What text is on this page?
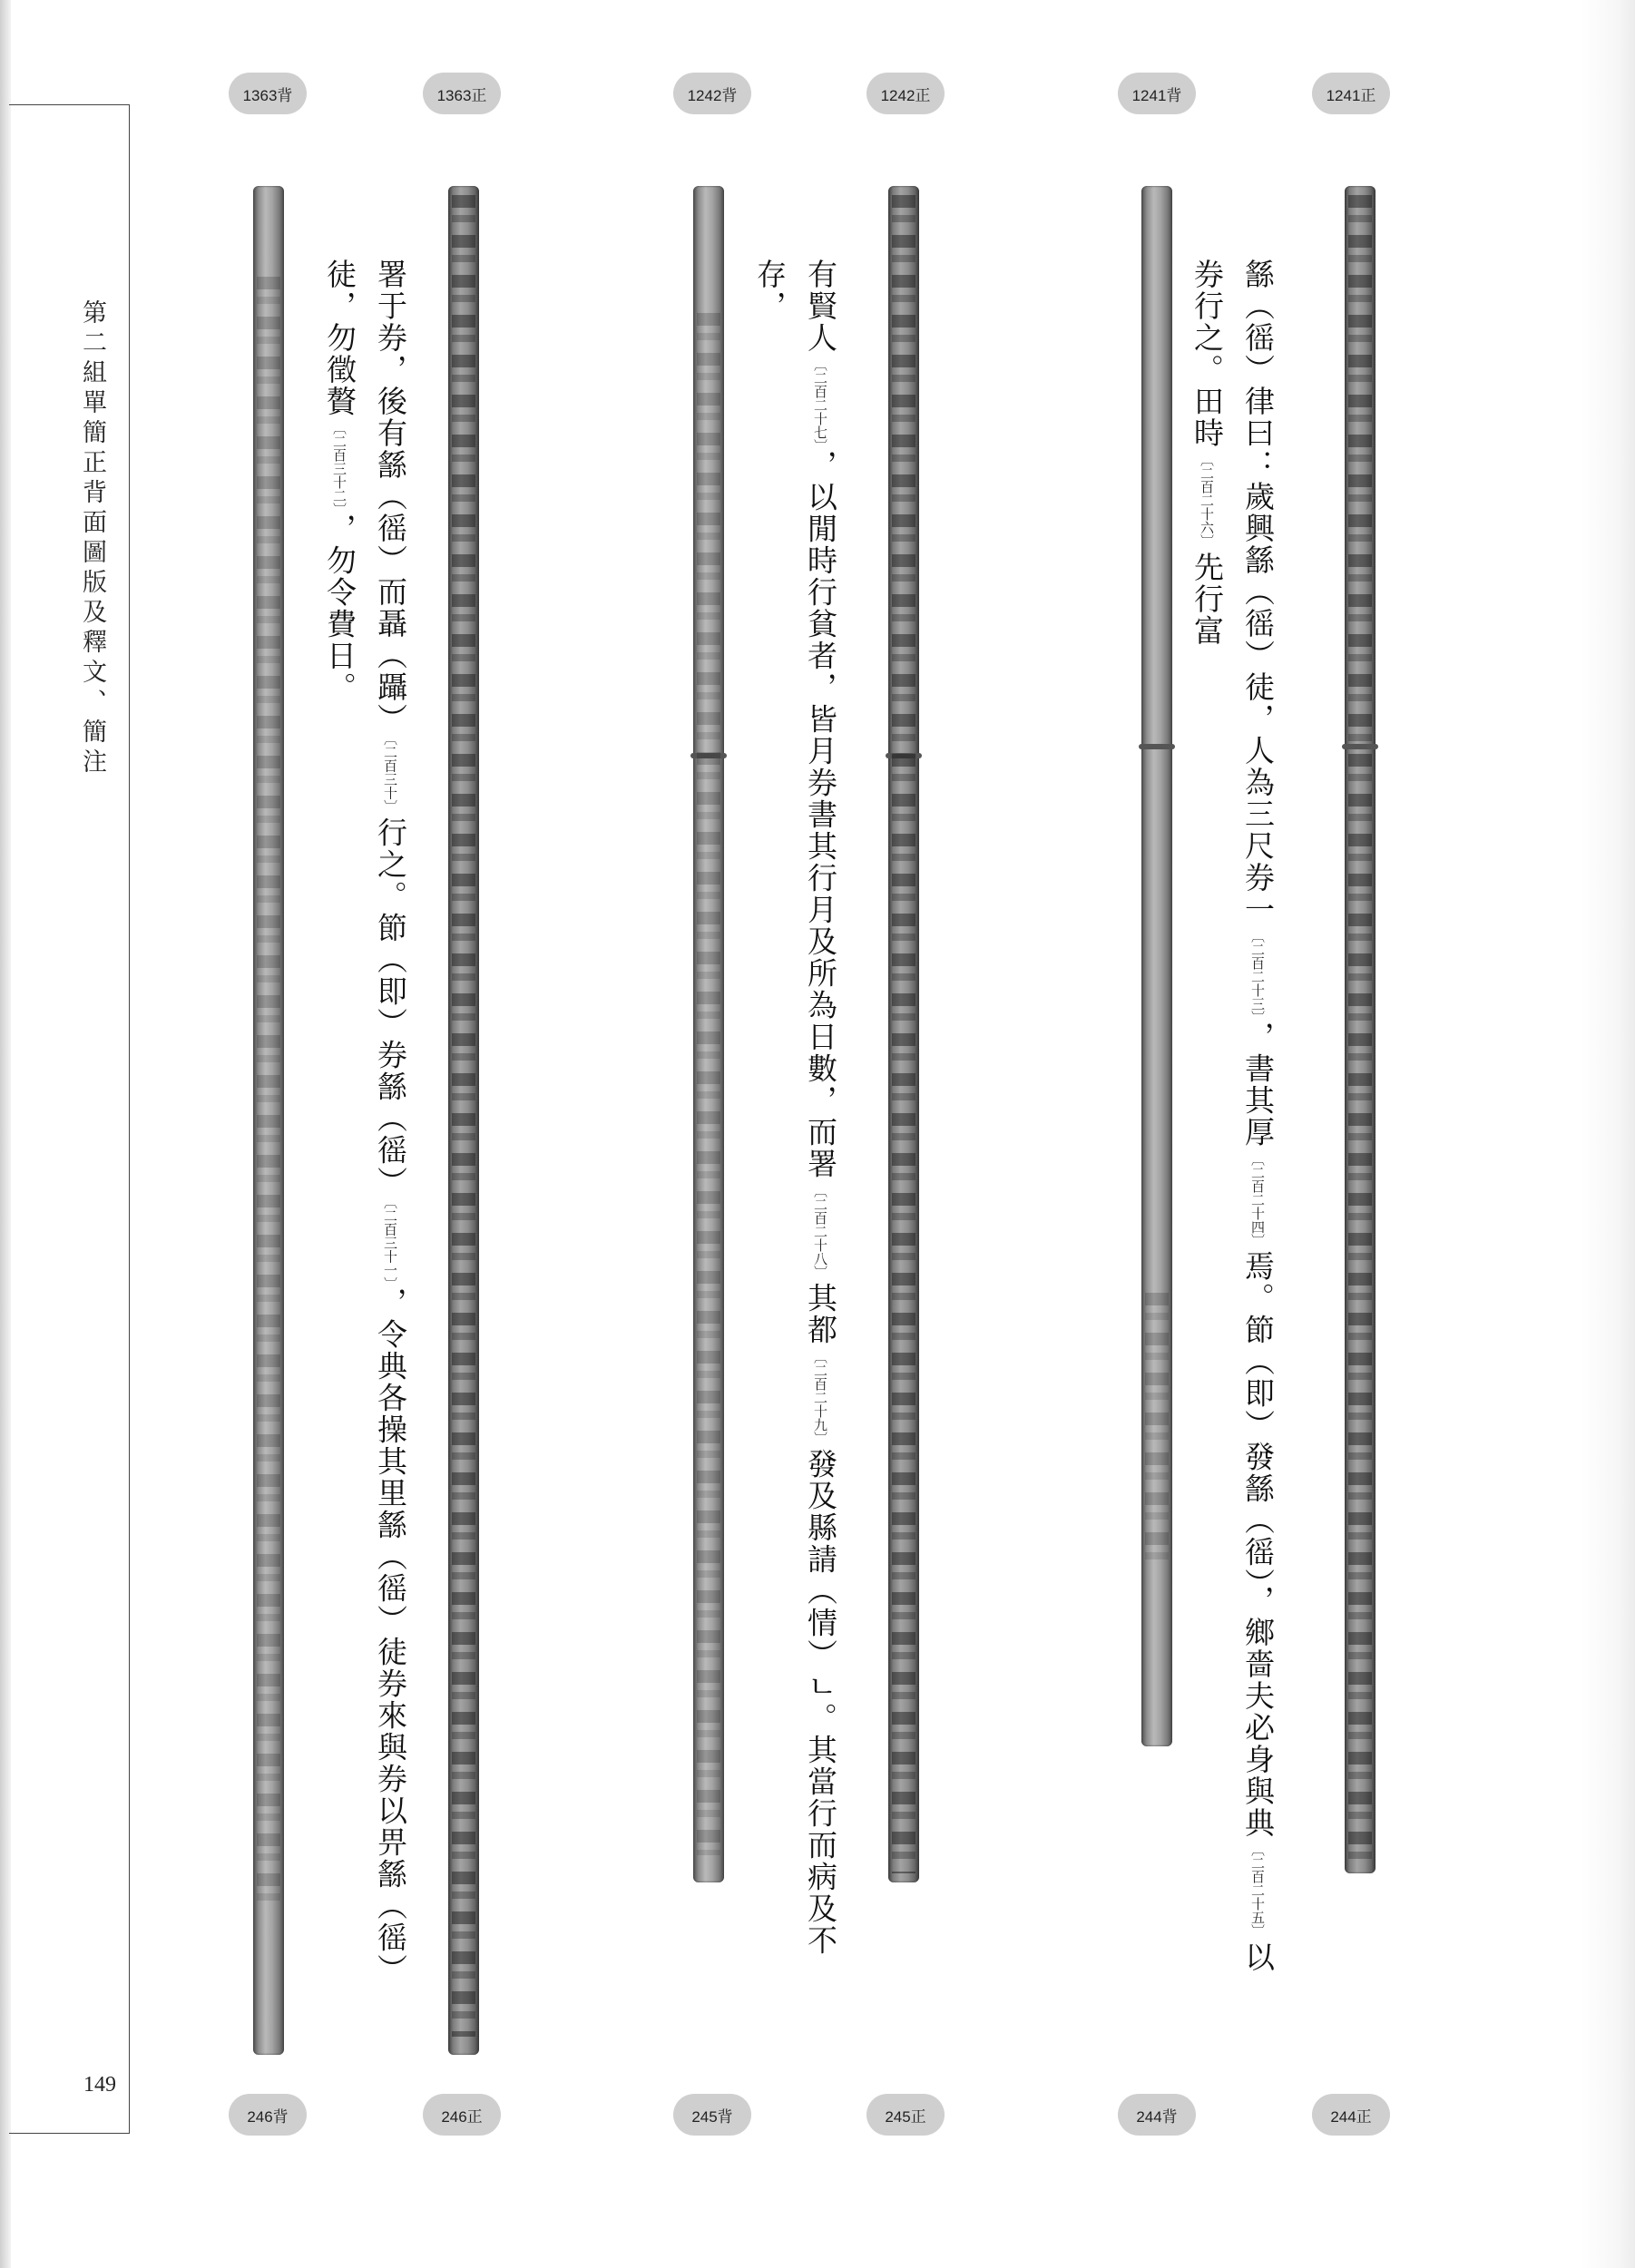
第二組單簡正背面圖版及釋文、簡注
149
1363背	1363正	1242背	1242正	1241背	1241正
246背	246正	245背	245正	244背	244正
䌛（徭）律曰：歲興䌛（徭）徒，人為三尺券一〔二百二十三〕，書其厚〔二百二十四〕焉。節（即）發䌛（徭），鄉嗇夫必身與典〔二百二十五〕以
券行之。田時〔二百二十六〕先行富
有賢人〔二百二十七〕，以閒時行貧者，皆月券書其行月及所為日數，而署〔二百二十八〕其都〔二百二十九〕發及縣請（情）ㄴ。其當行而病及不
存，
署于券，後有䌛（徭）而聶（躡）〔二百三十〕行之。節（即）券䌛（徭）〔二百三十一〕，令典各操其里䌛（徭）徒券來與券以畀䌛（徭）
徒，勿徵贅〔二百三十二〕，勿令費日。
